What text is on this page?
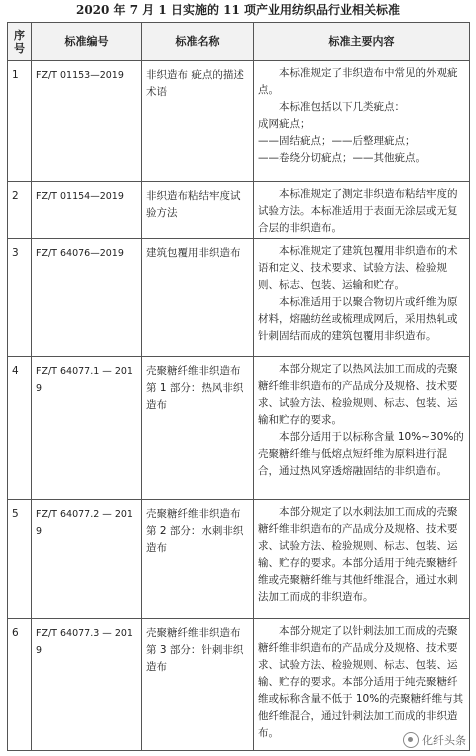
2020 年 7 月 1 日实施的 11 项产业用纺织品行业相关标准
序号	标准编号	标准名称	标准主要内容
1	FZ/T 01153—2019	非织造布 疵点的描述 术语	本标准规定了非织造布中常见的外观疵点。

本标准包括以下几类疵点：

成网疵点；

——固结疵点；——后整理疵点；

——卷绕分切疵点；——其他疵点。

2	FZ/T 01154—2019	非织造布粘结牢度试验方法	本标准规定了测定非织造布粘结牢度的试验方法。本标准适用于表面无涂层或无复合层的非织造布。

3	FZ/T 64076—2019	建筑包覆用非织造布	本标准规定了建筑包覆用非织造布的术语和定义、技术要求、试验方法、检验规则、标志、包装、运输和贮存。

本标准适用于以聚合物切片或纤维为原材料，熔融纺丝或梳理成网后，采用热轧或针刺固结而成的建筑包覆用非织造布。

4	FZ/T 64077.1 — 2019	壳聚糖纤维非织造布第 1 部分：热风非织造布	本部分规定了以热风法加工而成的壳聚糖纤维非织造布的产品成分及规格、技术要求、试验方法、检验规则、标志、包装、运输和贮存的要求。

本部分适用于以标称含量 10%~30%的壳聚糖纤维与低熔点短纤维为原料进行混合，通过热风穿透熔融固结的非织造布。

5	FZ/T 64077.2 — 2019	壳聚糖纤维非织造布 第 2 部分：水刺非织造布	本部分规定了以水刺法加工而成的壳聚糖纤维非织造布的产品成分及规格、技术要求、试验方法、检验规则、标志、包装、运输、贮存的要求。本部分适用于纯壳聚糖纤维或壳聚糖纤维与其他纤维混合，通过水刺法加工而成的非织造布。

6	FZ/T 64077.3 — 2019	壳聚糖纤维非织造布 第 3 部分：针刺非织造布	本部分规定了以针刺法加工而成的壳聚糖纤维非织造布的产品成分及规格、技术要求、试验方法、检验规则、标志、包装、运输、贮存的要求。本部分适用于纯壳聚糖纤维或标称含量不低于 10%的壳聚糖纤维与其他纤维混合，通过针刺法加工而成的非织造布。

化纤头条
